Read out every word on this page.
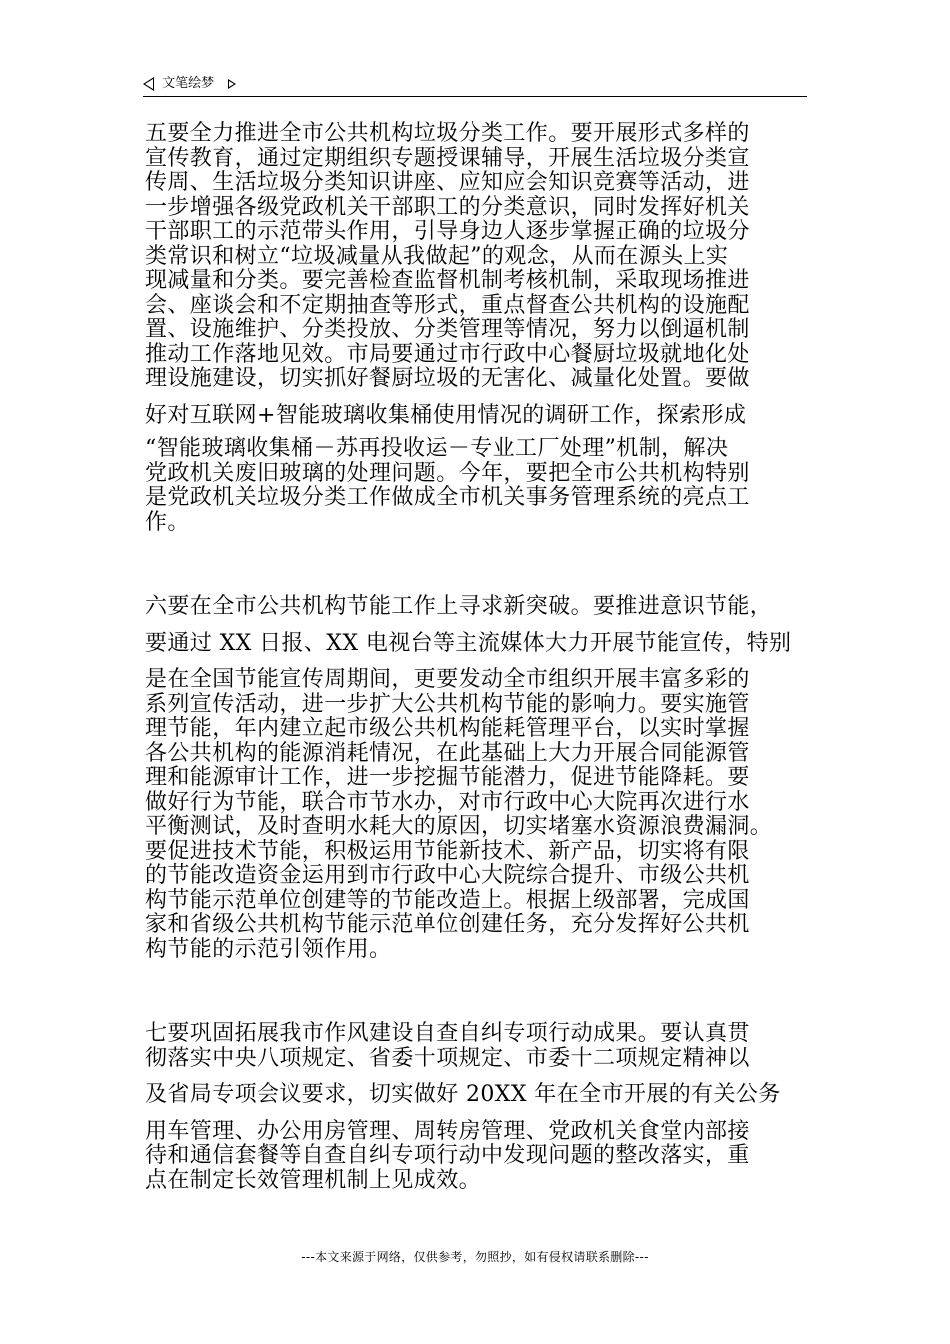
文笔绘梦
五要全力推进全市公共机构垃圾分类工作。要开展形式多样的
宣传教育，通过定期组织专题授课辅导，开展生活垃圾分类宣
传周、生活垃圾分类知识讲座、应知应会知识竞赛等活动，进
一步增强各级党政机关干部职工的分类意识，同时发挥好机关
干部职工的示范带头作用，引导身边人逐步掌握正确的垃圾分
类常识和树立“垃圾减量从我做起”的观念，从而在源头上实
现减量和分类。要完善检查监督机制考核机制，采取现场推进
会、座谈会和不定期抽查等形式，重点督查公共机构的设施配
置、设施维护、分类投放、分类管理等情况，努力以倒逼机制
推动工作落地见效。市局要通过市行政中心餐厨垃圾就地化处
理设施建设，切实抓好餐厨垃圾的无害化、减量化处置。要做
好对互联网+智能玻璃收集桶使用情况的调研工作，探索形成
“智能玻璃收集桶－苏再投收运－专业工厂处理”机制，解决
党政机关废旧玻璃的处理问题。今年，要把全市公共机构特别
是党政机关垃圾分类工作做成全市机关事务管理系统的亮点工
作。
六要在全市公共机构节能工作上寻求新突破。要推进意识节能，
要通过 XX 日报、XX 电视台等主流媒体大力开展节能宣传，特别
是在全国节能宣传周期间，更要发动全市组织开展丰富多彩的
系列宣传活动，进一步扩大公共机构节能的影响力。要实施管
理节能，年内建立起市级公共机构能耗管理平台，以实时掌握
各公共机构的能源消耗情况，在此基础上大力开展合同能源管
理和能源审计工作，进一步挖掘节能潜力，促进节能降耗。要
做好行为节能，联合市节水办，对市行政中心大院再次进行水
平衡测试，及时查明水耗大的原因，切实堵塞水资源浪费漏洞。
要促进技术节能，积极运用节能新技术、新产品，切实将有限
的节能改造资金运用到市行政中心大院综合提升、市级公共机
构节能示范单位创建等的节能改造上。根据上级部署，完成国
家和省级公共机构节能示范单位创建任务，充分发挥好公共机
构节能的示范引领作用。
七要巩固拓展我市作风建设自查自纠专项行动成果。要认真贯
彻落实中央八项规定、省委十项规定、市委十二项规定精神以
及省局专项会议要求，切实做好 20XX 年在全市开展的有关公务
用车管理、办公用房管理、周转房管理、党政机关食堂内部接
待和通信套餐等自查自纠专项行动中发现问题的整改落实，重
点在制定长效管理机制上见成效。
---本文来源于网络，仅供参考，勿照抄，如有侵权请联系删除---
